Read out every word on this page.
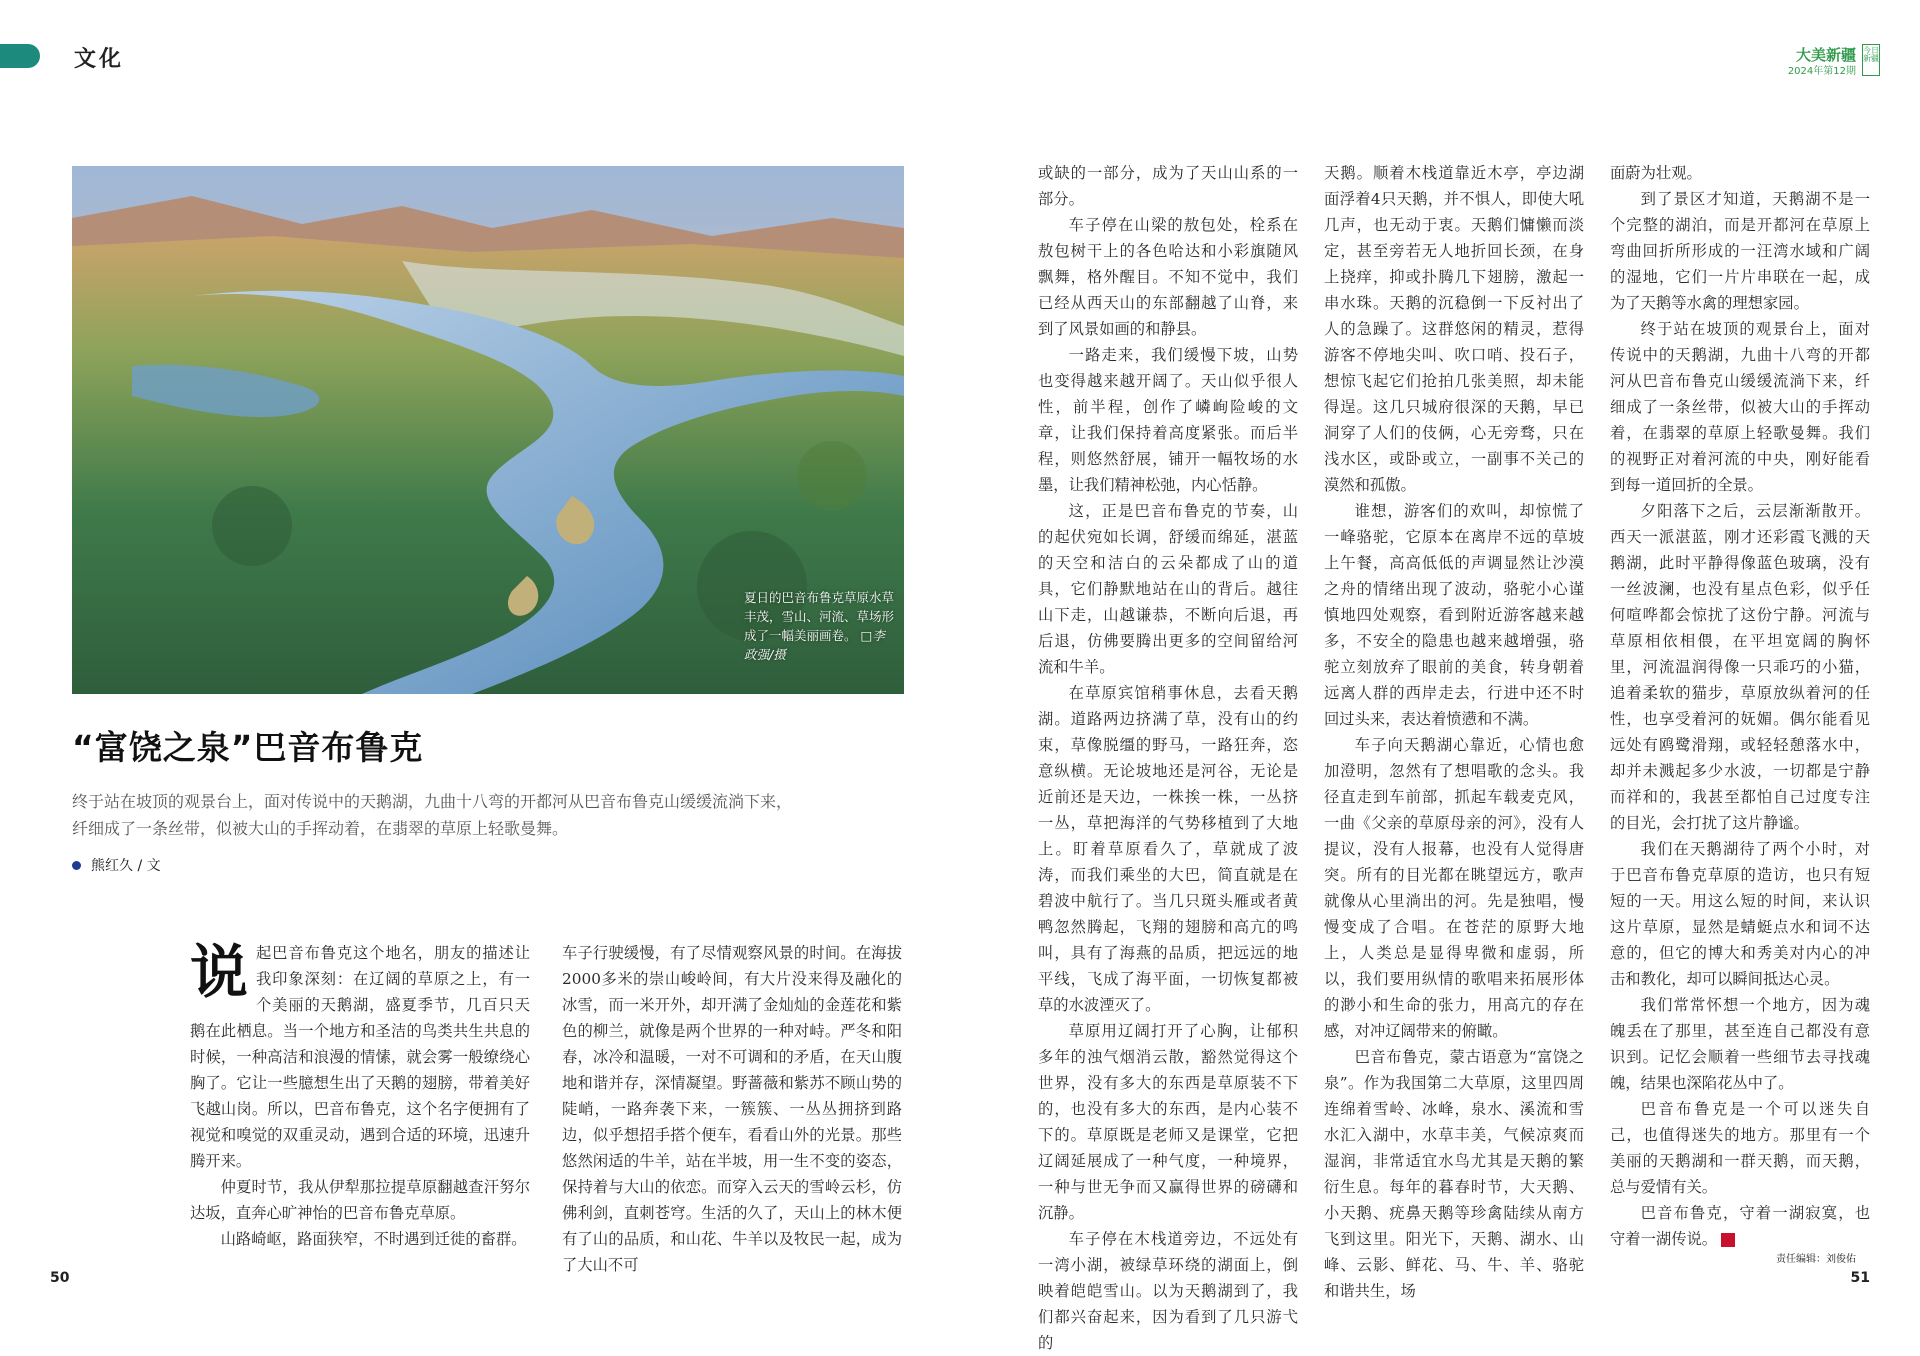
文化	大美新疆
2024年第12期
今日新疆
夏日的巴音布鲁克草原水草丰茂，雪山、河流、草场形成了一幅美丽画卷。 □李政强/摄
“富饶之泉”巴音布鲁克
终于站在坡顶的观景台上，面对传说中的天鹅湖，九曲十八弯的开都河从巴音布鲁克山缓缓流淌下来，纤细成了一条丝带，似被大山的手挥动着，在翡翠的草原上轻歌曼舞。
熊红久 / 文
说 起巴音布鲁克这个地名，朋友的描述让我印象深刻：在辽阔的草原之上，有一个美丽的天鹅湖，盛夏季节，几百只天鹅在此栖息。当一个地方和圣洁的鸟类共生共息的时候，一种高洁和浪漫的情愫，就会雾一般缭绕心胸了。它让一些臆想生出了天鹅的翅膀，带着美好飞越山岗。所以，巴音布鲁克，这个名字便拥有了视觉和嗅觉的双重灵动，遇到合适的环境，迅速升腾开来。

仲夏时节，我从伊犁那拉提草原翻越查汗努尔达坂，直奔心旷神怡的巴音布鲁克草原。

山路崎岖，路面狭窄，不时遇到迁徙的畜群。

车子行驶缓慢，有了尽情观察风景的时间。在海拔2000多米的崇山峻岭间，有大片没来得及融化的冰雪，而一米开外，却开满了金灿灿的金莲花和紫色的柳兰，就像是两个世界的一种对峙。严冬和阳春，冰冷和温暖，一对不可调和的矛盾，在天山腹地和谐并存，深情凝望。野蔷薇和紫苏不顾山势的陡峭，一路奔袭下来，一簇簇、一丛丛拥挤到路边，似乎想招手搭个便车，看看山外的光景。那些悠然闲适的牛羊，站在半坡，用一生不变的姿态，保持着与大山的依恋。而穿入云天的雪岭云杉，仿佛利剑，直刺苍穹。生活的久了，天山上的林木便有了山的品质，和山花、牛羊以及牧民一起，成为了大山不可

或缺的一部分，成为了天山山系的一部分。

车子停在山梁的敖包处，栓系在敖包树干上的各色哈达和小彩旗随风飘舞，格外醒目。不知不觉中，我们已经从西天山的东部翻越了山脊，来到了风景如画的和静县。

一路走来，我们缓慢下坡，山势也变得越来越开阔了。天山似乎很人性，前半程，创作了嶙峋险峻的文章，让我们保持着高度紧张。而后半程，则悠然舒展，铺开一幅牧场的水墨，让我们精神松弛，内心恬静。

这，正是巴音布鲁克的节奏，山的起伏宛如长调，舒缓而绵延，湛蓝的天空和洁白的云朵都成了山的道具，它们静默地站在山的背后。越往山下走，山越谦恭，不断向后退，再后退，仿佛要腾出更多的空间留给河流和牛羊。

在草原宾馆稍事休息，去看天鹅湖。道路两边挤满了草，没有山的约束，草像脱缰的野马，一路狂奔，恣意纵横。无论坡地还是河谷，无论是近前还是天边，一株挨一株，一丛挤一丛，草把海洋的气势移植到了大地上。盯着草原看久了，草就成了波涛，而我们乘坐的大巴，简直就是在碧波中航行了。当几只斑头雁或者黄鸭忽然腾起，飞翔的翅膀和高亢的鸣叫，具有了海燕的品质，把远远的地平线，飞成了海平面，一切恢复都被草的水波湮灭了。

草原用辽阔打开了心胸，让郁积多年的浊气烟消云散，豁然觉得这个世界，没有多大的东西是草原装不下的，也没有多大的东西，是内心装不下的。草原既是老师又是课堂，它把辽阔延展成了一种气度，一种境界，一种与世无争而又赢得世界的磅礴和沉静。

车子停在木栈道旁边，不远处有一湾小湖，被绿草环绕的湖面上，倒映着皑皑雪山。以为天鹅湖到了，我们都兴奋起来，因为看到了几只游弋的

天鹅。顺着木栈道靠近木亭，亭边湖面浮着4只天鹅，并不惧人，即使大吼几声，也无动于衷。天鹅们慵懒而淡定，甚至旁若无人地折回长颈，在身上挠痒，抑或扑腾几下翅膀，激起一串水珠。天鹅的沉稳倒一下反衬出了人的急躁了。这群悠闲的精灵，惹得游客不停地尖叫、吹口哨、投石子，想惊飞起它们抢拍几张美照，却未能得逞。这几只城府很深的天鹅，早已洞穿了人们的伎俩，心无旁骛，只在浅水区，或卧或立，一副事不关己的漠然和孤傲。

谁想，游客们的欢叫，却惊慌了一峰骆驼，它原本在离岸不远的草坡上午餐，高高低低的声调显然让沙漠之舟的情绪出现了波动，骆驼小心谨慎地四处观察，看到附近游客越来越多，不安全的隐患也越来越增强，骆驼立刻放弃了眼前的美食，转身朝着远离人群的西岸走去，行进中还不时回过头来，表达着愤懑和不满。

车子向天鹅湖心靠近，心情也愈加澄明，忽然有了想唱歌的念头。我径直走到车前部，抓起车载麦克风，一曲《父亲的草原母亲的河》，没有人提议，没有人报幕，也没有人觉得唐突。所有的目光都在眺望远方，歌声就像从心里淌出的河。先是独唱，慢慢变成了合唱。在苍茫的原野大地上，人类总是显得卑微和虚弱，所以，我们要用纵情的歌唱来拓展形体的渺小和生命的张力，用高亢的存在感，对冲辽阔带来的俯瞰。

巴音布鲁克，蒙古语意为“富饶之泉”。作为我国第二大草原，这里四周连绵着雪岭、冰峰，泉水、溪流和雪水汇入湖中，水草丰美，气候凉爽而湿润，非常适宜水鸟尤其是天鹅的繁衍生息。每年的暮春时节，大天鹅、小天鹅、疣鼻天鹅等珍禽陆续从南方飞到这里。阳光下，天鹅、湖水、山峰、云影、鲜花、马、牛、羊、骆驼和谐共生，场

面蔚为壮观。

到了景区才知道，天鹅湖不是一个完整的湖泊，而是开都河在草原上弯曲回折所形成的一汪湾水域和广阔的湿地，它们一片片串联在一起，成为了天鹅等水禽的理想家园。

终于站在坡顶的观景台上，面对传说中的天鹅湖，九曲十八弯的开都河从巴音布鲁克山缓缓流淌下来，纤细成了一条丝带，似被大山的手挥动着，在翡翠的草原上轻歌曼舞。我们的视野正对着河流的中央，刚好能看到每一道回折的全景。

夕阳落下之后，云层渐渐散开。西天一派湛蓝，刚才还彩霞飞溅的天鹅湖，此时平静得像蓝色玻璃，没有一丝波澜，也没有星点色彩，似乎任何喧哗都会惊扰了这份宁静。河流与草原相依相偎，在平坦宽阔的胸怀里，河流温润得像一只乖巧的小猫，追着柔软的猫步，草原放纵着河的任性，也享受着河的妩媚。偶尔能看见远处有鸥鹭滑翔，或轻轻憩落水中，却并未溅起多少水波，一切都是宁静而祥和的，我甚至都怕自己过度专注的目光，会打扰了这片静谧。

我们在天鹅湖待了两个小时，对于巴音布鲁克草原的造访，也只有短短的一天。用这么短的时间，来认识这片草原，显然是蜻蜓点水和词不达意的，但它的博大和秀美对内心的冲击和教化，却可以瞬间抵达心灵。

我们常常怀想一个地方，因为魂魄丢在了那里，甚至连自己都没有意识到。记忆会顺着一些细节去寻找魂魄，结果也深陷花丛中了。

巴音布鲁克是一个可以迷失自己，也值得迷失的地方。那里有一个美丽的天鹅湖和一群天鹅，而天鹅，总与爱情有关。

巴音布鲁克，守着一湖寂寞，也守着一湖传说。

50	51
责任编辑：刘俊佑
